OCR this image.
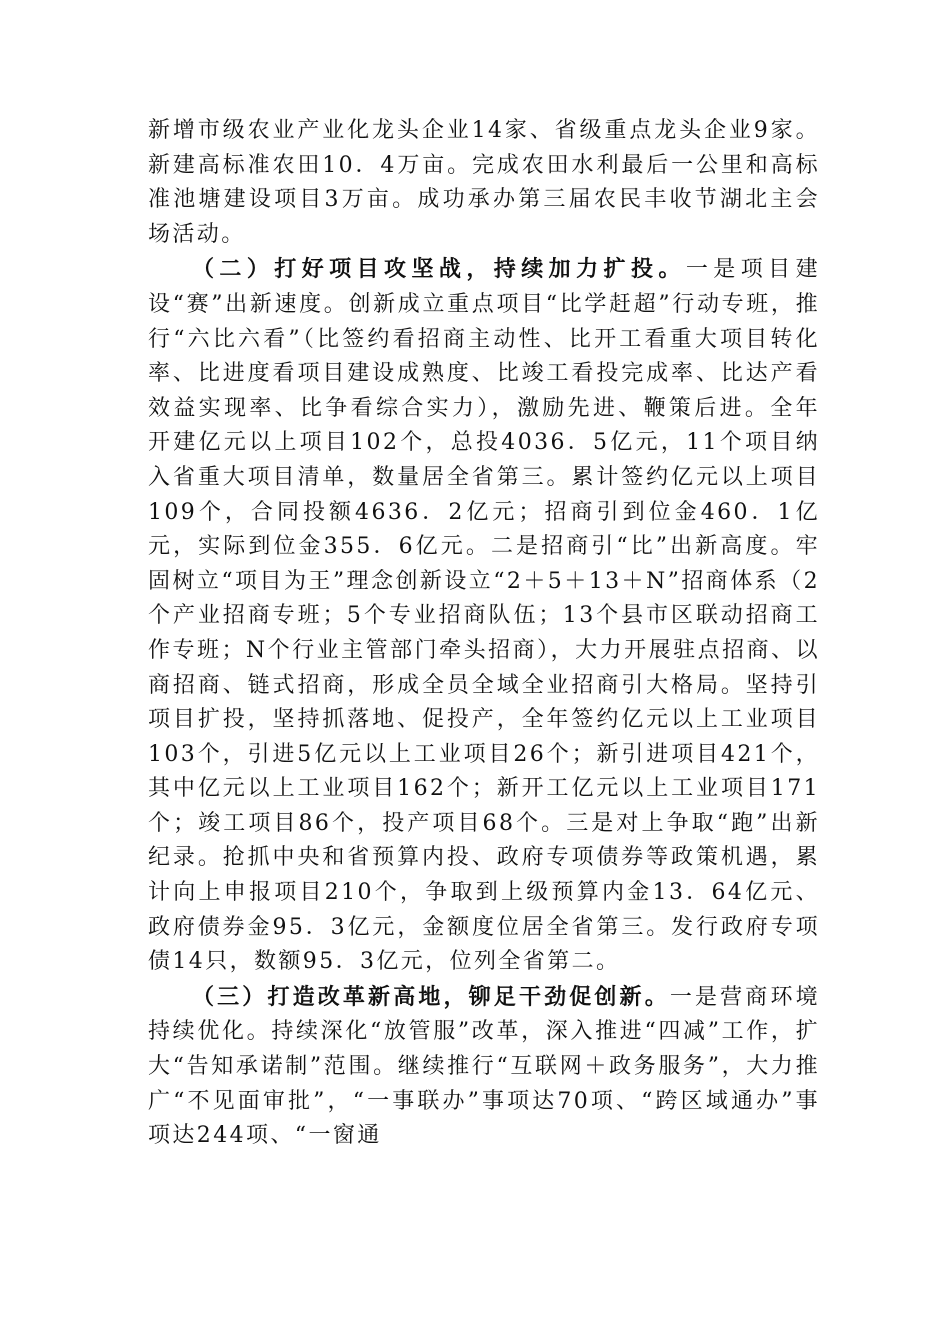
新增市级农业产业化龙头企业14家、省级重点龙头企业9家。新建高标准农田10．4万亩。完成农田水利最后一公里和高标准池塘建设项目3万亩。成功承办第三届农民丰收节湖北主会场活动。

（二）打好项目攻坚战，持续加力扩投。一是项目建设“赛”出新速度。创新成立重点项目“比学赶超”行动专班，推行“六比六看”（比签约看招商主动性、比开工看重大项目转化率、比进度看项目建设成熟度、比竣工看投完成率、比达产看效益实现率、比争看综合实力），激励先进、鞭策后进。全年开建亿元以上项目102个，总投4036．5亿元，11个项目纳入省重大项目清单，数量居全省第三。累计签约亿元以上项目109个，合同投额4636．2亿元；招商引到位金460．1亿元，实际到位金355．6亿元。二是招商引“比”出新高度。牢固树立“项目为王”理念创新设立“2＋5＋13＋N”招商体系（2个产业招商专班；5个专业招商队伍；13个县市区联动招商工作专班；N个行业主管部门牵头招商），大力开展驻点招商、以商招商、链式招商，形成全员全域全业招商引大格局。坚持引项目扩投，坚持抓落地、促投产，全年签约亿元以上工业项目103个，引进5亿元以上工业项目26个；新引进项目421个，其中亿元以上工业项目162个；新开工亿元以上工业项目171个；竣工项目86个，投产项目68个。三是对上争取“跑”出新纪录。抢抓中央和省预算内投、政府专项债券等政策机遇，累计向上申报项目210个，争取到上级预算内金13．64亿元、政府债券金95．3亿元，金额度位居全省第三。发行政府专项债14只，数额95．3亿元，位列全省第二。

（三）打造改革新高地，铆足干劲促创新。一是营商环境持续优化。持续深化“放管服”改革，深入推进“四减”工作，扩大“告知承诺制”范围。继续推行“互联网＋政务服务”，大力推广“不见面审批”，“一事联办”事项达70项、“跨区域通办”事项达244项、“一窗通
